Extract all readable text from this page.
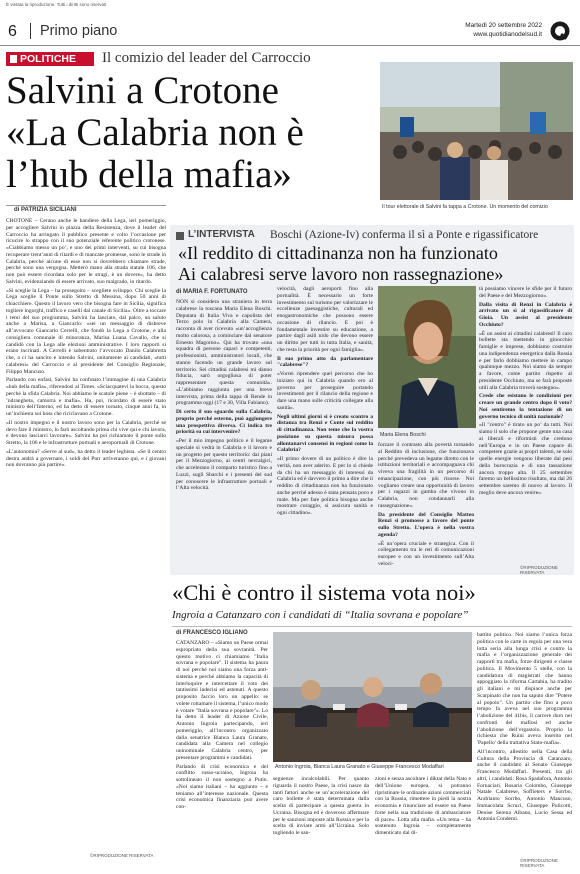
È vietata la riproduzione. Tutti i diritti sono riservati
6 Primo piano	Martedì 20 settembre 2022
www.quotidianodelsud.it
POLITICHE Il comizio del leader del Carroccio
Salvini a Crotone
«La Calabria non è
l’hub della mafia»
Il tour elettorale di Salvini fa tappa a Crotone. Un momento del comizio
di PATRIZIA SICILIANI

CROTONE – Cerano anche le bandiere della Lega, ieri pomeriggio, per accogliere Salvini in piazza della Resistenza, dove il leader del Carroccio ha arringato il pubblico presente e colto l’occasione per ricucire lo strappo con il suo potenziale referente politico crotonese. «Ciabbiamo messo un po’, e uno dei primi interventi, su cui bisogna recuperare trent’anni di ritardi e di mancate promesse, sono le strade in Calabria, perché alcune di esse non si dovrebbero chiamare strade, perché sono una vergogna. Metterò mano alla strada statale 106, che non può essere ricordata solo per le stragi, è un dovere», ha detto Salvini, evidenziando di essere arrivato, suo malgrado, in ritardo.

«Si sceglie la Lega – ha proseguito – scegliete sviluppo. Chi sceglie la Lega sceglie il Ponte sullo Stretto di Messina, dopo 50 anni di chiacchiere. Questo il lavoro vero che bisogna fare in Sicilia, significa togliere ingorghi, traffico e caselli dal canale di Sicilia». Oltre a toccare i temi del suo programma, Salvini ha lanciato, dal palco, un saluto anche a Marisa, a Giancarlo: «sei un messaggio di disbreve all’avvocato Giancarlo Cerrelli, che fondò la Lega a Crotone, e alla consigliera comunale di minoranza, Marisa Luana Cavallo, che si candidò con la Lega alle elezioni amministrative. I loro rapporti si erano incrinati. A Cerrelli è subentrato l’avvocato Danilo Calabretta che, a ci ha sancito e intendo Salvini, unitamente ai candidati, «tutti calabresi» del Carroccio e al presidente del Consiglio Regionale, Filippo Mancuso.

Parlando con enfasi, Salvini ha confutato l’immagine di una Calabria «hub della mafia», riferendosi al Times. «Sciacquatevi la bocca, questo perché la sfida Calabria. Noi abbiamo le scatole piene – è sbottato – di ’ndrangheta, camorra e mafia». Ha, poi, ricordato di essere stato ministro dell’Interno, ed ha detto di essere tornato, cinque anni fa, in un’inchiesta sui boss che riciclavano a Crotone.

«Il nostro impegno e il nostro lavoro sono per la Calabria, perché se devo fare il ministro, lo farò ascoltando prima chi vive qui e chi lavora, e devono lasciarci lavorare». Salvini ha poi richiamato il ponte sullo Stretto, la 106 e le infrastrutture portuali e aeroportuali di Crotone.

«L’autonomia? «Serve al sud», ha detto il leader leghista. «Se il centro destra andrà a governare, i soldi del Pnrr arriveranno qui, e i giovani non dovranno più partire».

©RIPRODUZIONE RISERVATA
L’INTERVISTA Boschi (Azione-Iv) conferma il sì a Ponte e rigassificatore
«Il reddito di cittadinanza non ha funzionato
Ai calabresi serve lavoro non rassegnazione»
di MARIA F. FORTUNATO

NON si considera una straniera in terra calabrese la toscana Maria Elena Boschi. Deputata di Italia Viva e capolista del Terzo polo in Calabria alla Camera, racconta di aver ricevuto «un’accoglienza molto calorosa, a cominciare dal senatore Ernesto Magorno». Qui ha trovato «una squadra di persone capaci e competenti, professionisti, amministratori locali, che stanno facendo un grande lavoro sul territorio. Sei cittadini calabresi mi dànno fiducia, sarò orgogliosa di poter rappresentare questa comunità». «L’abbiamo raggiunta per una breve intervista, prima della tappa di Rende in programma oggi (17 e 30, Villa Fabiano).

Di certo il suo sguardo sulla Calabria, proprio perché esterno, può aggiungere una prospettiva diversa. Ci indica tre priorità su cui intervenire?

«Per il mio impegno politico e il legame speciale si vedrà in Calabria e il lavoro e un progetto per questo territorio: dai piani per il Mezzogiorno, ai centri nevralgici, che accelerano il comparto turistico fino a Luzzi, sugli Sbarchi e i presenti del sud per conoscere le infrastrutture portuali e l’Alta velocità.

velocità, dagli aeroporti fino alla portualità. È necessario un forte investimento sul turismo per valorizzare le eccellenze paesaggistiche, culturali ed enogastronomiche che possono essere occasione di rilancio. E poi è fondamentale investire su educazione, a partire dagli asili nido che devono essere un diritto per tutti in tutta Italia, e sanità, che resta la priorità per ogni famiglia».

Il suo primo atto da parlamentare "calabrese"?

«Vorrei riprendere quel percorso che ho iniziato qui in Calabria quando ero al governo per proseguire portando investimenti per il rilancio della regione e dare una mano sulle criticità collegate alla sanità».

Negli ultimi giorni si è creato scontro a distanza tra Renzi e Conte sul reddito di cittadinanza. Non teme che la vostra posizione su questa misura possa allontanarvi consensi in regioni come la Calabria?

«Il primo dovere di un politico è dire la verità, non aver aderito. E per lo si chiede da chi ha un messaggio di interessi da Calabria ed è davvero il primo a dire che il reddito di cittadinanza non ha funzionato anche perché adesso è stata pensata poco e male. Ma per fare politica bisogna anche mostrare coraggio, si assicura sanità e ogni cittadino».

Maria Elena Boschi

forzare il contrasto alla povertà tornando al Reddito di inclusione, che funzionava perché prevedeva un legame diretto con le istituzioni territoriali e accompagnava chi viveva una fragilità in un percorso di emancipazione, con più risorse. Noi vogliamo creare una opportunità di lavoro per i ragazzi in gamba che vivono in Calabria, non condannarli alla rassegnazione».

Da presidente del Consiglio Matteo Renzi si promosse a favore del ponte sullo Stretto. L’opera è nella vostra agenda?

«È un’opera cruciale e strategica. Con il collegamento tra le reti di comunicazioni europee e con un investimento sull’Alta veloci-

tà possiamo vincere le sfide per il futuro del Paese e del Mezzogiorno».

Dalla visita di Renzi in Calabria è arrivato un sì al rigassificatore di Gioia. Un assist al presidente Occhiuto?

«È un assist ai cittadini calabresi! Il caro bollette sta mettendo in ginocchio famiglie e imprese, dobbiamo costruire una indipendenza energetica dalla Russia e per farlo dobbiamo mettere in campo qualunque mezzo. Noi siamo da sempre a favore, come partito rispetto al presidente Occhiuto, ma se farà proposte utili alla Calabria troverà sostegno».

Crede che esistano le condizioni per creare un grande centro dopo il voto? Noi sentiremo la tentazione di un governo tecnico di unità nazionale?

«Il "centro" è tirato un po’ da tutti. Noi siamo il solo che propone gente una casa ai liberali e riformisti che credono nell’Europa e in un Paese capace di competere grazie ai propri talenti, se solo quelle energie vengono liberate dai pesi della burocrazia e di una tassazione ancora troppo alta. Il 25 settembre faremo un bellissimo risultato, ma dal 26 settembre saremo di nuovo al lavoro. Il meglio deve ancora venire».

©RIPRODUZIONE RISERVATA
«Chi è contro il sistema vota noi»
Ingroia a Catanzaro con i candidati di “Italia sovrana e popolare”
di FRANCESCO IGLIANO

CATANZARO – «Siamo un Paese ormai espropriato della sua sovranità. Per questo motivo ci chiamiamo "Italia sovrana e popolare". Il sistema ha paura di noi perché noi siamo una forza anti-sistema e perché abbiamo la capacità di interloquire e intercettare il voto dei tantissimi indecisi ed astenuti. A questo proposito faccio loro un appello: se volete rottamare il sistema, l’unico modo è votare "Italia sovrana e popolare"». Lo ha detto il leader di Azione Civile, Antonio Ingroia partecipando, ieri pomeriggio, all’incontro organizzato dalla senatrice Bianca Laura Granato, candidata alla Camera nel collegio uninominale Calabria centro, per presentare programmi e candidati.

Parlando di crisi economica e del conflitto russo-ucraino, Ingroia ha sottolineato il non sostegno a Putin. «Noi siamo italiani – ha aggiunto – e teniamo all’interesse nazionale. Questa crisi economica finanziaria può avere con-

Antonio Ingroia, Bianca Laura Granato e Giuseppe Francesco Modaffari

seguenze incalcolabili. Per quanto riguarda il nostro Paese, la crisi nasce da tanti fattori anche se un’accelerazione del caro bollette è stata determinata dalla scelta di partecipare a questa guerra in Ucraina. Bisogna ed è doveroso affermare per le sanzioni imposte alla Russia e per la scelta di inviare armi all’Ucraina. Solo togliendo le san-

zioni e senza ascoltare i diktat della Nato e dell’Unione europea, si potranno ripristinare le ordinarie azioni commerciali con la Russia, rimettere in piedi la nostra economia e rinunciare ad essere un Paese forte nella sua tradizione di ambasciatore di pace». Lotta alla mafia. «Un tema – ha sostenuto Ingroia – completamente dimenticato dal di-

battito politico. Noi siamo l’unica forza politica con le carte in regola per una vera lotta seria alla lunga crisi e contro la mafia e l’organizzazione generale dei rapporti tra mafia, forze dirigenti e classe politica. Il Movimento 5 stelle, con la candidatura di magistrati che hanno appoggiato la riforma Cartabia, ha tradito gli italiani e mi dispiace anche per Scarpinato che non ha saputo dire "Potere al popolo". Un partito che fino a poco tempo fa aveva nel suo programma l’abolizione del 41bis, il carcere duro nei confronti dei mafiosi ed anche l’abolizione dell’ergastolo. Proprio la richiesta che Ruini aveva inserito nel 'Papello' della trattativa Stato-mafia».

All’incontro, allestito nella Casa della Cultura della Provincia di Catanzaro, anche il candidato al Senato Giuseppe Francesco Modaffari. Presenti, tra gli altri, i candidati: Rosa Spadafora, Antonio Fornaciari, Rosaria Colombo, Giuseppe Natale Calabrese, Soffieters e Sorrbo, Andrianto Sorrbo, Antonio Mancuso, Immacolata Scruci, Giuseppe Pulicotti, Denise Serena Albano, Lucio Sessa ed Antonia Condemi.

©RIPRODUZIONE RISERVATA
